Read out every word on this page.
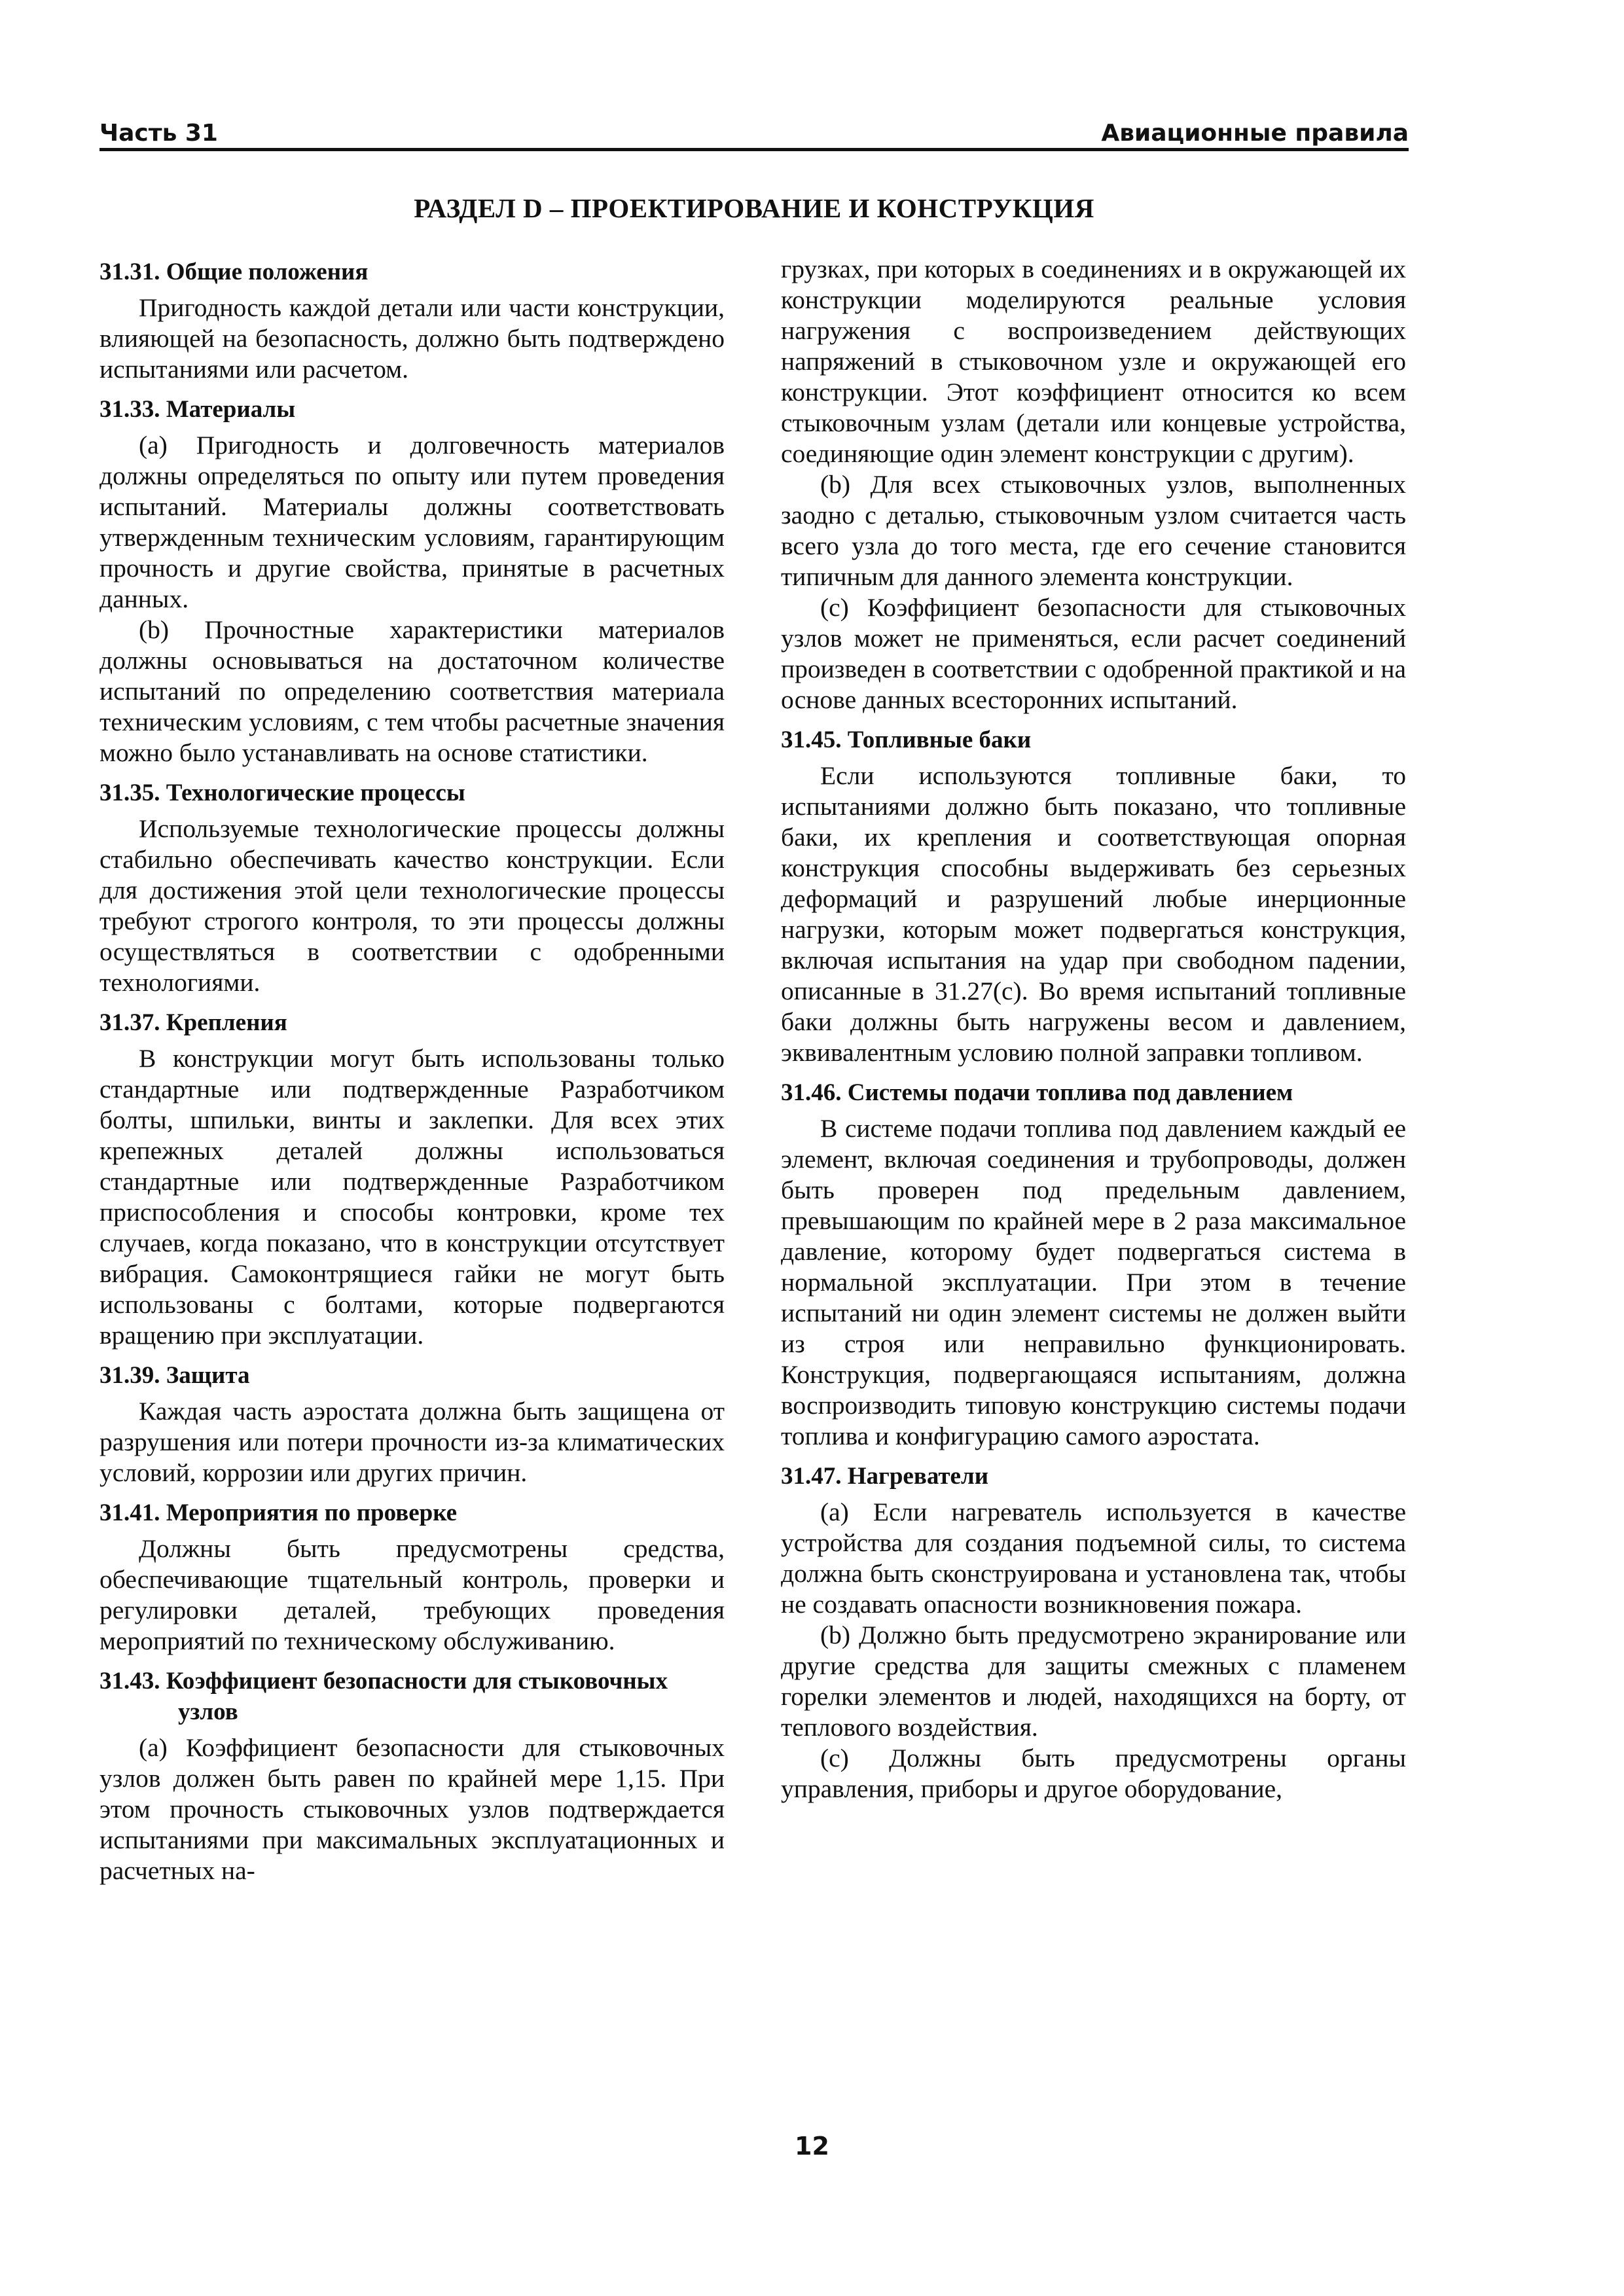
Часть 31	Авиационные правила
РАЗДЕЛ D – ПРОЕКТИРОВАНИЕ И КОНСТРУКЦИЯ
31.31. Общие положения

Пригодность каждой детали или части конструкции, влияющей на безопасность, должно быть подтверждено испытаниями или расчетом.

31.33. Материалы

(а) Пригодность и долговечность материалов должны определяться по опыту или путем проведения испытаний. Материалы должны соответствовать утвержденным техническим условиям, гарантирующим прочность и другие свойства, принятые в расчетных данных.

(b) Прочностные характеристики материалов должны основываться на достаточном количестве испытаний по определению соответствия материала техническим условиям, с тем чтобы расчетные значения можно было устанавливать на основе статистики.

31.35. Технологические процессы

Используемые технологические процессы должны стабильно обеспечивать качество конструкции. Если для достижения этой цели технологические процессы требуют строгого контроля, то эти процессы должны осуществляться в соответствии с одобренными технологиями.

31.37. Крепления

В конструкции могут быть использованы только стандартные или подтвержденные Разработчиком болты, шпильки, винты и заклепки. Для всех этих крепежных деталей должны использоваться стандартные или подтвержденные Разработчиком приспособления и способы контровки, кроме тех случаев, когда показано, что в конструкции отсутствует вибрация. Самоконтрящиеся гайки не могут быть использованы с болтами, которые подвергаются вращению при эксплуатации.

31.39. Защита

Каждая часть аэростата должна быть защищена от разрушения или потери прочности из-за климатических условий, коррозии или других причин.

31.41. Мероприятия по проверке

Должны быть предусмотрены средства, обеспечивающие тщательный контроль, проверки и регулировки деталей, требующих проведения мероприятий по техническому обслуживанию.

31.43. Коэффициент безопасности для стыковочных узлов

(а) Коэффициент безопасности для стыковочных узлов должен быть равен по крайней мере 1,15. При этом прочность стыковочных узлов подтверждается испытаниями при максимальных эксплуатационных и расчетных на-

грузках, при которых в соединениях и в окружающей их конструкции моделируются реальные условия нагружения с воспроизведением действующих напряжений в стыковочном узле и окружающей его конструкции. Этот коэффициент относится ко всем стыковочным узлам (детали или концевые устройства, соединяющие один элемент конструкции с другим).

(b) Для всех стыковочных узлов, выполненных заодно с деталью, стыковочным узлом считается часть всего узла до того места, где его сечение становится типичным для данного элемента конструкции.

(с) Коэффициент безопасности для стыковочных узлов может не применяться, если расчет соединений произведен в соответствии с одобренной практикой и на основе данных всесторонних испытаний.

31.45. Топливные баки

Если используются топливные баки, то испытаниями должно быть показано, что топливные баки, их крепления и соответствующая опорная конструкция способны выдерживать без серьезных деформаций и разрушений любые инерционные нагрузки, которым может подвергаться конструкция, включая испытания на удар при свободном падении, описанные в 31.27(с). Во время испытаний топливные баки должны быть нагружены весом и давлением, эквивалентным условию полной заправки топливом.

31.46. Системы подачи топлива под давлением

В системе подачи топлива под давлением каждый ее элемент, включая соединения и трубопроводы, должен быть проверен под предельным давлением, превышающим по крайней мере в 2 раза максимальное давление, которому будет подвергаться система в нормальной эксплуатации. При этом в течение испытаний ни один элемент системы не должен выйти из строя или неправильно функционировать. Конструкция, подвергающаяся испытаниям, должна воспроизводить типовую конструкцию системы подачи топлива и конфигурацию самого аэростата.

31.47. Нагреватели

(а) Если нагреватель используется в качестве устройства для создания подъемной силы, то система должна быть сконструирована и установлена так, чтобы не создавать опасности возникновения пожара.

(b) Должно быть предусмотрено экранирование или другие средства для защиты смежных с пламенем горелки элементов и людей, находящихся на борту, от теплового воздействия.

(с) Должны быть предусмотрены органы управления, приборы и другое оборудование,

12
